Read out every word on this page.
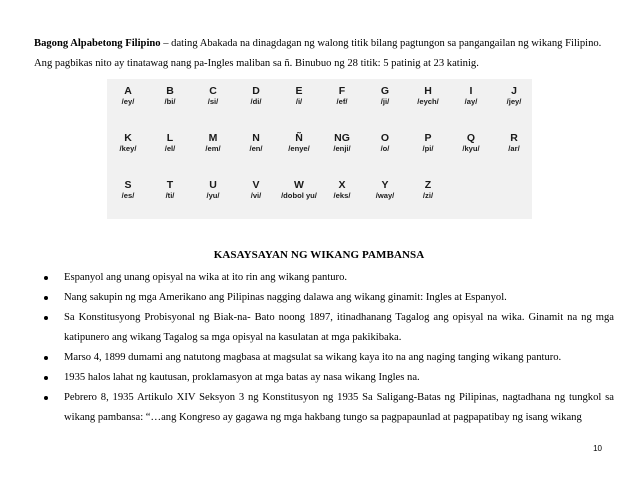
Bagong Alpabetong Filipino – dating Abakada na dinagdagan ng walong titik bilang pagtungon sa pangangailan ng wikang Filipino.
Ang pagbikas nito ay tinatawag nang pa-Ingles maliban sa ñ. Binubuo ng 28 titik: 5 patinig at 23 katinig.
A
/ey/
B
/bi/
C
/si/
D
/di/
E
/i/
F
/ef/
G
/ji/
H
/eych/
I
/ay/
J
/jey/
K
/key/
L
/el/
M
/em/
N
/en/
Ñ
/enye/
NG
/enji/
O
/o/
P
/pi/
Q
/kyu/
R
/ar/
S
/es/
T
/ti/
U
/yu/
V
/vi/
W
/dobol yu/
X
/eks/
Y
/way/
Z
/zi/
KASAYSAYAN NG WIKANG PAMBANSA
Espanyol ang unang opisyal na wika at ito rin ang wikang panturo.
Nang sakupin ng mga Amerikano ang Pilipinas nagging dalawa ang wikang ginamit: Ingles at Espanyol.
Sa Konstitusyong Probisyonal ng Biak-na- Bato noong 1897, itinadhanang Tagalog ang opisyal na wika. Ginamit na ng mga katipunero ang wikang Tagalog sa mga opisyal na kasulatan at mga pakikibaka.
Marso 4, 1899 dumami ang natutong magbasa at magsulat sa wikang kaya ito na ang naging tanging wikang panturo.
1935 halos lahat ng kautusan, proklamasyon at mga batas ay nasa wikang Ingles na.
Pebrero 8, 1935 Artikulo XIV Seksyon 3 ng Konstitusyon ng 1935 Sa Saligang-Batas ng Pilipinas, nagtadhana ng tungkol sa wikang pambansa: “…ang Kongreso ay gagawa ng mga hakbang tungo sa pagpapaunlad at pagpapatibay ng isang wikang
10
